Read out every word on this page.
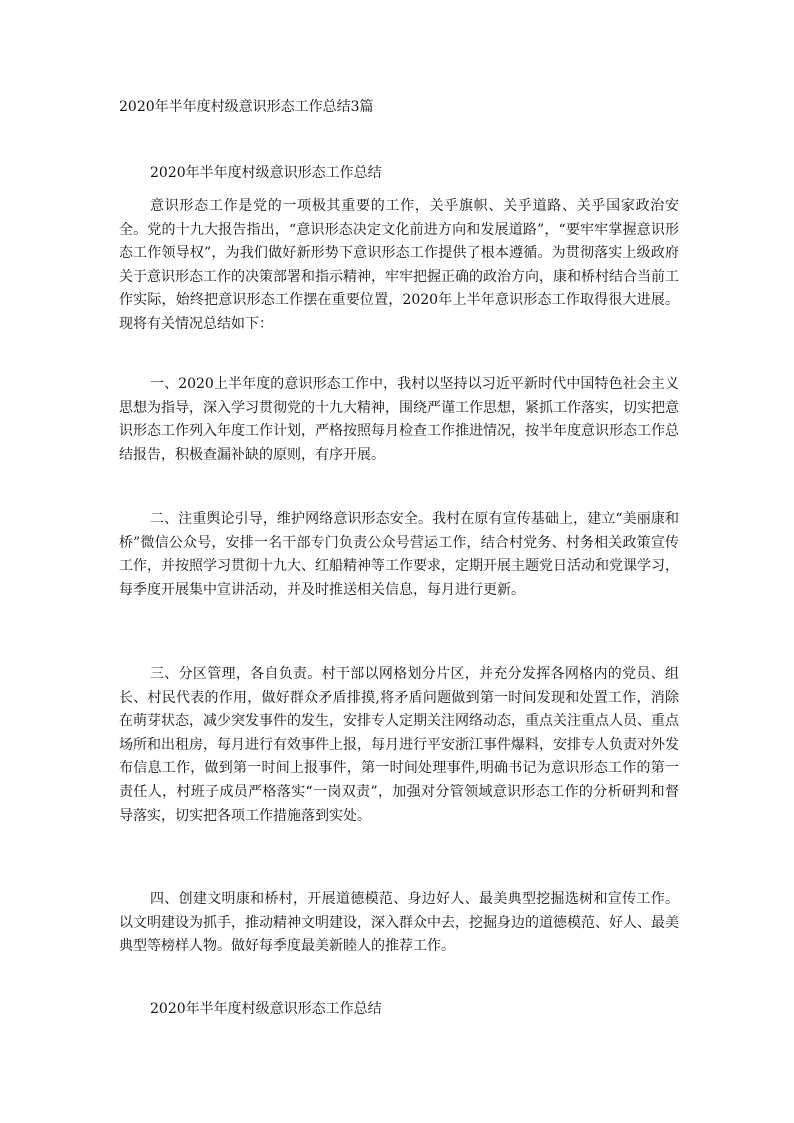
2020年半年度村级意识形态工作总结3篇
2020年半年度村级意识形态工作总结

意识形态工作是党的一项极其重要的工作，关乎旗帜、关乎道路、关乎国家政治安全。党的十九大报告指出，“意识形态决定文化前进方向和发展道路”，“要牢牢掌握意识形态工作领导权”，为我们做好新形势下意识形态工作提供了根本遵循。为贯彻落实上级政府关于意识形态工作的决策部署和指示精神，牢牢把握正确的政治方向，康和桥村结合当前工作实际，始终把意识形态工作摆在重要位置，2020年上半年意识形态工作取得很大进展。现将有关情况总结如下：

一、2020上半年度的意识形态工作中，我村以坚持以习近平新时代中国特色社会主义思想为指导，深入学习贯彻党的十九大精神，围绕严谨工作思想，紧抓工作落实，切实把意识形态工作列入年度工作计划，严格按照每月检查工作推进情况，按半年度意识形态工作总结报告，积极查漏补缺的原则，有序开展。

二、注重舆论引导，维护网络意识形态安全。我村在原有宣传基础上，建立“美丽康和桥”微信公众号，安排一名干部专门负责公众号营运工作，结合村党务、村务相关政策宣传工作，并按照学习贯彻十九大、红船精神等工作要求，定期开展主题党日活动和党课学习，每季度开展集中宣讲活动，并及时推送相关信息，每月进行更新。

三、分区管理，各自负责。村干部以网格划分片区，并充分发挥各网格内的党员、组长、村民代表的作用，做好群众矛盾排摸,将矛盾问题做到第一时间发现和处置工作，消除在萌芽状态，减少突发事件的发生，安排专人定期关注网络动态，重点关注重点人员、重点场所和出租房，每月进行有效事件上报，每月进行平安浙江事件爆料，安排专人负责对外发布信息工作，做到第一时间上报事件，第一时间处理事件,明确书记为意识形态工作的第一责任人，村班子成员严格落实“一岗双责”，加强对分管领域意识形态工作的分析研判和督导落实，切实把各项工作措施落到实处。

四、创建文明康和桥村，开展道德模范、身边好人、最美典型挖掘选树和宣传工作。以文明建设为抓手，推动精神文明建设，深入群众中去，挖掘身边的道德模范、好人、最美典型等榜样人物。做好每季度最美新睦人的推荐工作。

2020年半年度村级意识形态工作总结
